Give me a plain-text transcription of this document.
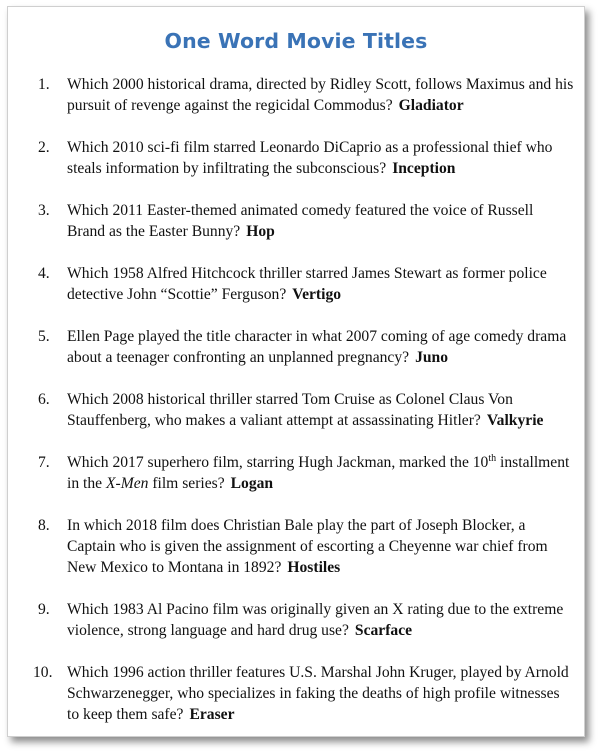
One Word Movie Titles
1.	Which 2000 historical drama, directed by Ridley Scott, follows Maximus and his pursuit of revenge against the regicidal Commodus? Gladiator
2.	Which 2010 sci-fi film starred Leonardo DiCaprio as a professional thief who steals information by infiltrating the subconscious? Inception
3.	Which 2011 Easter-themed animated comedy featured the voice of Russell Brand as the Easter Bunny? Hop
4.	Which 1958 Alfred Hitchcock thriller starred James Stewart as former police detective John “Scottie” Ferguson? Vertigo
5.	Ellen Page played the title character in what 2007 coming of age comedy drama about a teenager confronting an unplanned pregnancy? Juno
6.	Which 2008 historical thriller starred Tom Cruise as Colonel Claus Von Stauffenberg, who makes a valiant attempt at assassinating Hitler? Valkyrie
7.	Which 2017 superhero film, starring Hugh Jackman, marked the 10th installment in the X-Men film series? Logan
8.	In which 2018 film does Christian Bale play the part of Joseph Blocker, a Captain who is given the assignment of escorting a Cheyenne war chief from New Mexico to Montana in 1892? Hostiles
9.	Which 1983 Al Pacino film was originally given an X rating due to the extreme violence, strong language and hard drug use? Scarface
10. Which 1996 action thriller features U.S. Marshal John Kruger, played by Arnold Schwarzenegger, who specializes in faking the deaths of high profile witnesses to keep them safe? Eraser
